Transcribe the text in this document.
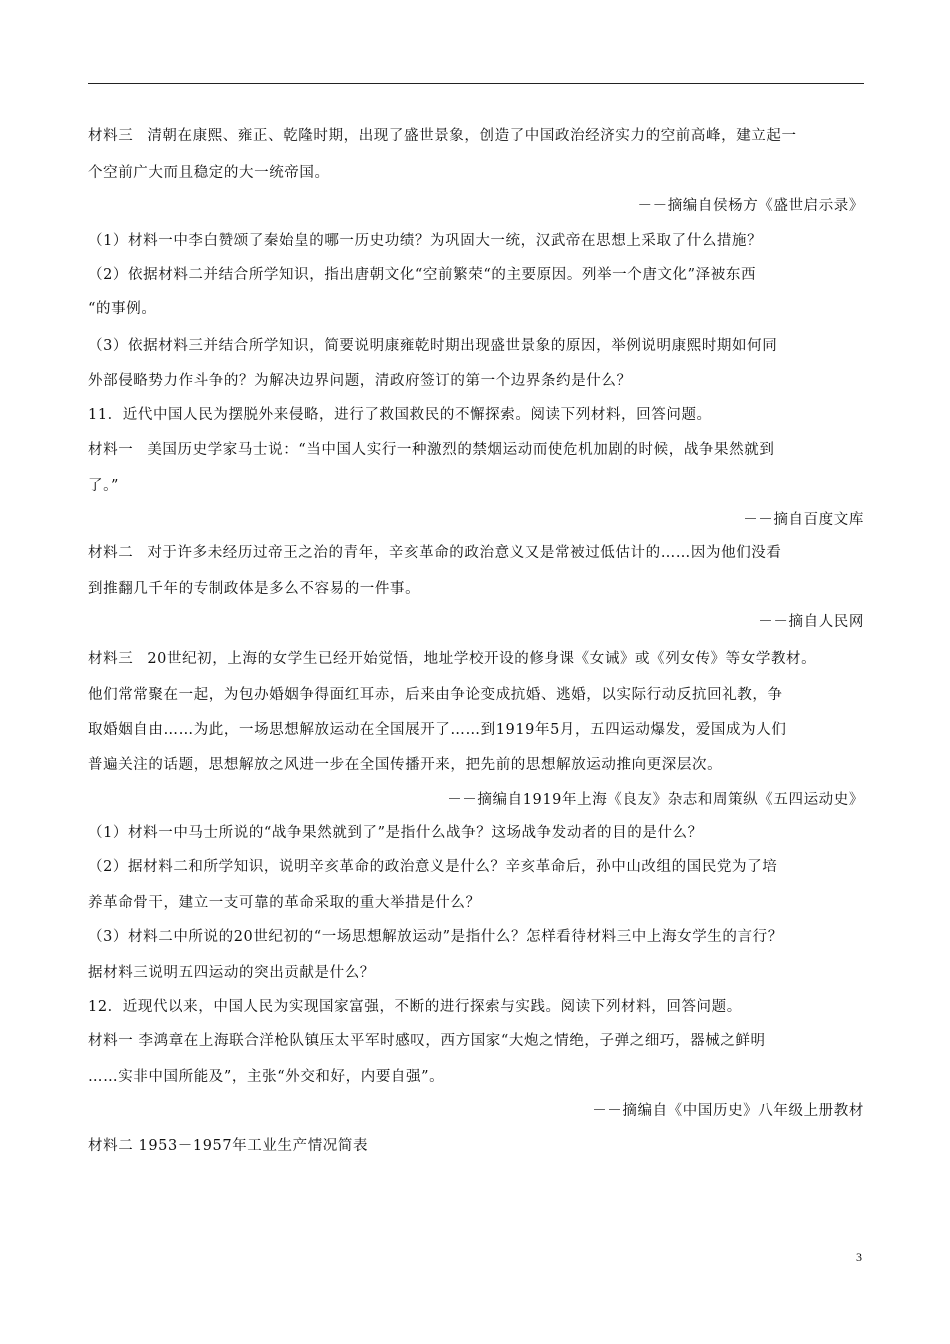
材料三 清朝在康熙、雍正、乾隆时期，出现了盛世景象，创造了中国政治经济实力的空前高峰，建立起一
个空前广大而且稳定的大一统帝国。
－－摘编自侯杨方《盛世启示录》
（1）材料一中李白赞颂了秦始皇的哪一历史功绩？为巩固大一统，汉武帝在思想上采取了什么措施？
（2）依据材料二并结合所学知识，指出唐朝文化“空前繁荣“的主要原因。列举一个唐文化”泽被东西
“的事例。
（3）依据材料三并结合所学知识，简要说明康雍乾时期出现盛世景象的原因，举例说明康熙时期如何同
外部侵略势力作斗争的？为解决边界问题，清政府签订的第一个边界条约是什么？
11．近代中国人民为摆脱外来侵略，进行了救国救民的不懈探索。阅读下列材料，回答问题。
材料一 美国历史学家马士说：“当中国人实行一种激烈的禁烟运动而使危机加剧的时候，战争果然就到
了。”
－－摘自百度文库
材料二 对于许多未经历过帝王之治的青年，辛亥革命的政治意义又是常被过低估计的……因为他们没看
到推翻几千年的专制政体是多么不容易的一件事。
－－摘自人民网
材料三 20世纪初，上海的女学生已经开始觉悟，地址学校开设的修身课《女诫》或《列女传》等女学教材。
他们常常聚在一起，为包办婚姻争得面红耳赤，后来由争论变成抗婚、逃婚，以实际行动反抗回礼教，争
取婚姻自由……为此，一场思想解放运动在全国展开了……到1919年5月，五四运动爆发，爱国成为人们
普遍关注的话题，思想解放之风进一步在全国传播开来，把先前的思想解放运动推向更深层次。
－－摘编自1919年上海《良友》杂志和周策纵《五四运动史》
（1）材料一中马士所说的“战争果然就到了”是指什么战争？这场战争发动者的目的是什么？
（2）据材料二和所学知识，说明辛亥革命的政治意义是什么？辛亥革命后，孙中山改组的国民党为了培
养革命骨干，建立一支可靠的革命采取的重大举措是什么？
（3）材料二中所说的20世纪初的“一场思想解放运动”是指什么？怎样看待材料三中上海女学生的言行？
据材料三说明五四运动的突出贡献是什么？
12．近现代以来，中国人民为实现国家富强，不断的进行探索与实践。阅读下列材料，回答问题。
材料一 李鸿章在上海联合洋枪队镇压太平军时感叹，西方国家“大炮之情绝，子弹之细巧，器械之鲜明
……实非中国所能及”，主张“外交和好，内要自强”。
－－摘编自《中国历史》八年级上册教材
材料二 1953－1957年工业生产情况简表
3
